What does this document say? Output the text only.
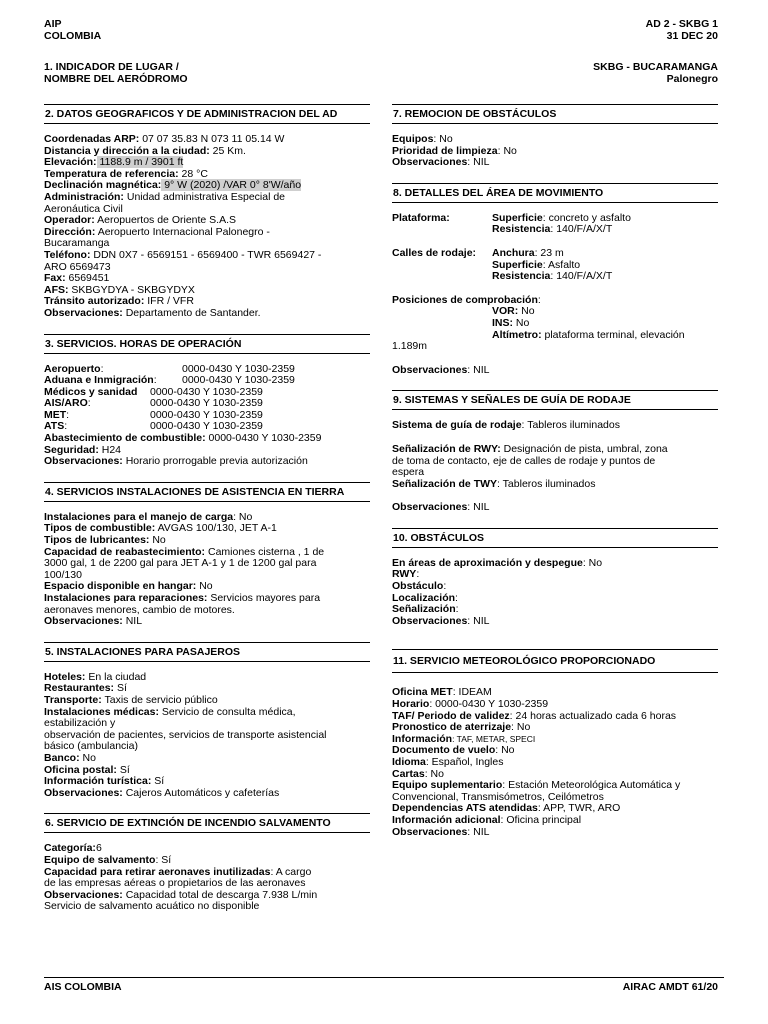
AIP
COLOMBIA
AD 2 - SKBG 1
31 DEC 20
1. INDICADOR DE LUGAR /
NOMBRE DEL AERÓDROMO
SKBG - BUCARAMANGA
Palonegro
2. DATOS GEOGRAFICOS Y DE ADMINISTRACION DEL AD
Coordenadas ARP: 07 07 35.83 N 073 11 05.14 W
Distancia y dirección a la ciudad: 25 Km.
Elevación: 1188.9 m / 3901 ft
Temperatura de referencia: 28 °C
Declinación magnética: 9° W (2020) /VAR 0° 8'W/año
Administración: Unidad administrativa Especial de
Aeronáutica Civil
Operador: Aeropuertos de Oriente S.A.S
Dirección: Aeropuerto Internacional Palonegro -
Bucaramanga
Teléfono: DDN 0X7 - 6569151 - 6569400 - TWR 6569427 -
ARO 6569473
Fax: 6569451
AFS: SKBGYDYA - SKBGYDYX
Tránsito autorizado: IFR / VFR
Observaciones: Departamento de Santander.
3. SERVICIOS. HORAS DE OPERACIÓN
Aeropuerto:	0000-0430 Y 1030-2359

Aduana e Inmigración: 0000-0430 Y 1030-2359

Médicos y sanidad 0000-0430 Y 1030-2359

AIS/ARO:	0000-0430 Y 1030-2359

MET:	0000-0430 Y 1030-2359

ATS:	0000-0430 Y 1030-2359

Abastecimiento de combustible: 0000-0430 Y 1030-2359
Seguridad: H24
Observaciones: Horario prorrogable previa autorización
4. SERVICIOS INSTALACIONES DE ASISTENCIA EN TIERRA
Instalaciones para el manejo de carga: No
Tipos de combustible: AVGAS 100/130, JET A-1
Tipos de lubricantes: No
Capacidad de reabastecimiento: Camiones cisterna , 1 de
3000 gal, 1 de 2200 gal para JET A-1 y 1 de 1200 gal para
100/130
Espacio disponible en hangar: No
Instalaciones para reparaciones: Servicios mayores para
aeronaves menores, cambio de motores.
Observaciones: NIL
5. INSTALACIONES PARA PASAJEROS
Hoteles: En la ciudad
Restaurantes: Sí
Transporte: Taxis de servicio público
Instalaciones médicas: Servicio de consulta médica,
estabilización y
observación de pacientes, servicios de transporte asistencial
básico (ambulancia)
Banco: No
Oficina postal: Sí
Información turística: Sí
Observaciones: Cajeros Automáticos y cafeterías
6. SERVICIO DE EXTINCIÓN DE INCENDIO SALVAMENTO
Categoría:6
Equipo de salvamento: Sí
Capacidad para retirar aeronaves inutilizadas: A cargo
de las empresas aéreas o propietarios de las aeronaves
Observaciones: Capacidad total de descarga 7.938 L/min
Servicio de salvamento acuático no disponible
7. REMOCION DE OBSTÁCULOS
Equipos: No
Prioridad de limpieza: No
Observaciones: NIL
8. DETALLES DEL ÁREA DE MOVIMIENTO
Plataforma:	Superficie: concreto y asfalto
Resistencia: 140/F/A/X/T
Calles de rodaje: Anchura: 23 m
Superficie: Asfalto
Resistencia: 140/F/A/X/T
Posiciones de comprobación:
VOR: No
INS: No
Altímetro: plataforma terminal, elevación
1.189m
Observaciones: NIL
9. SISTEMAS Y SEÑALES DE GUÍA DE RODAJE
Sistema de guía de rodaje: Tableros iluminados
Señalización de RWY: Designación de pista, umbral, zona
de toma de contacto, eje de calles de rodaje y puntos de
espera
Señalización de TWY: Tableros iluminados
Observaciones: NIL
10. OBSTÁCULOS
En áreas de aproximación y despegue: No
RWY:
Obstáculo:
Localización:
Señalización:
Observaciones: NIL
11. SERVICIO METEOROLÓGICO PROPORCIONADO
Oficina MET: IDEAM
Horario: 0000-0430 Y 1030-2359
TAF/ Periodo de validez: 24 horas actualizado cada 6 horas
Pronostico de aterrizaje: No
Información: TAF, METAR, SPECI
Documento de vuelo: No
Idioma: Español, Ingles
Cartas: No
Equipo suplementario: Estación Meteorológica Automática y
Convencional, Transmisómetros, Ceilómetros
Dependencias ATS atendidas: APP, TWR, ARO
Información adicional: Oficina principal
Observaciones: NIL
AIS COLOMBIA	AIRAC AMDT 61/20
